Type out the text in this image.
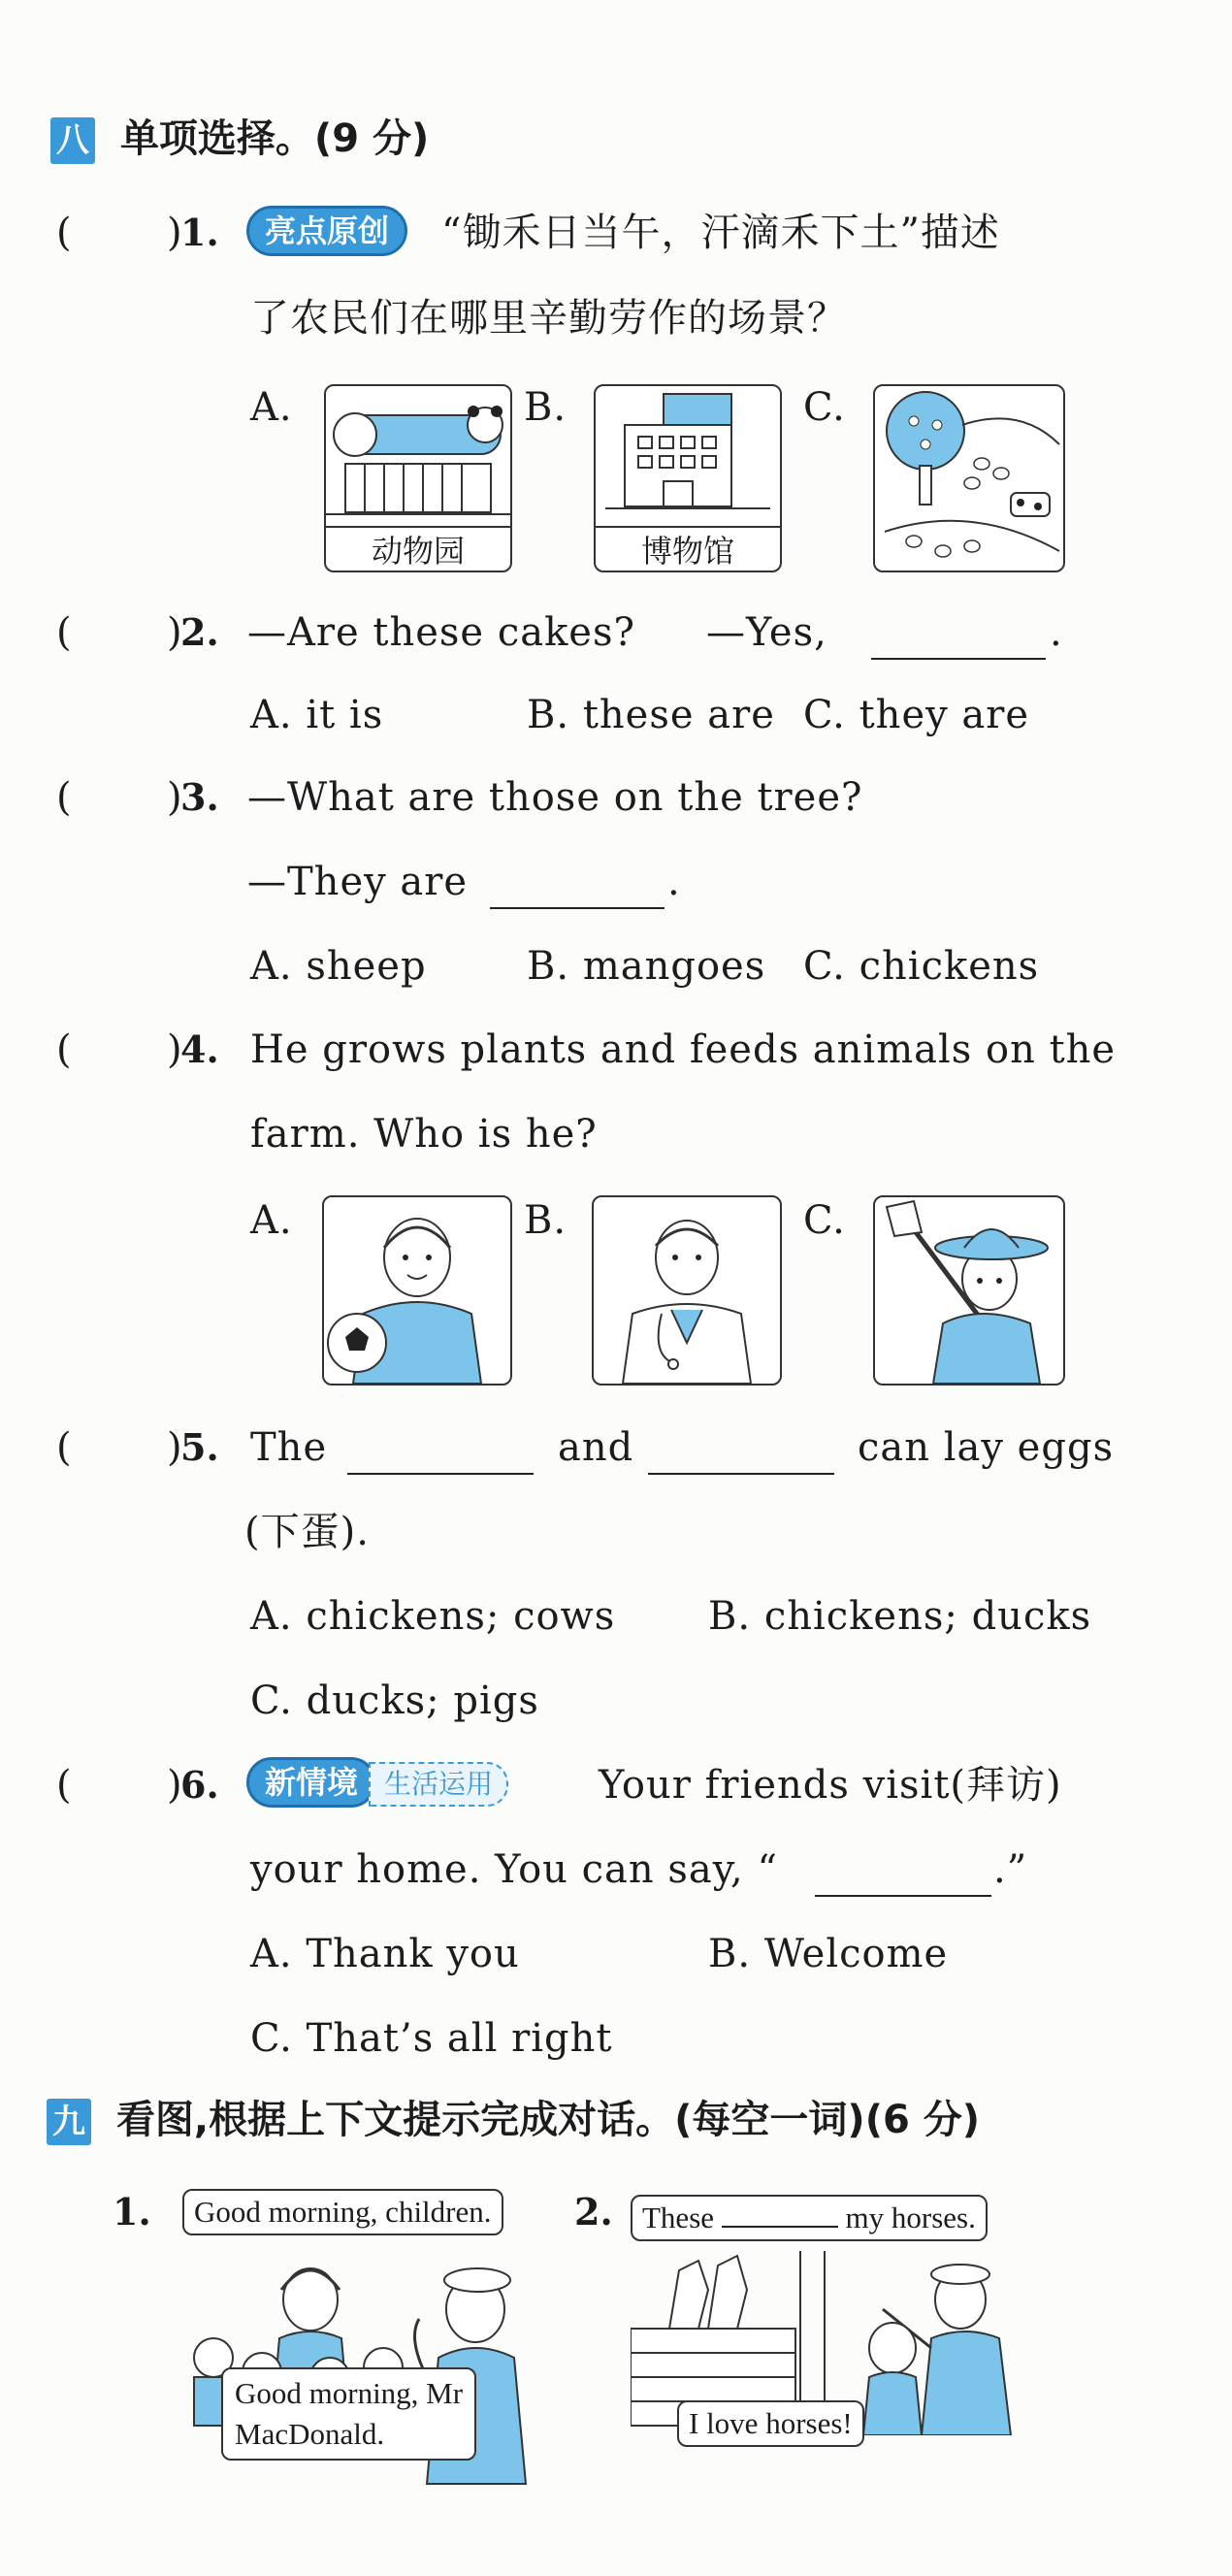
八 单项选择。(9 分)
( )
1.	亮点原创	“锄禾日当午，汗滴禾下土”描述
了农民们在哪里辛勤劳作的场景？
A.
动物园
B.
博物馆
C.
( )
2. —Are these cakes? —Yes,	.
A. it is	B. these are C. they are
( )
3. —What are those on the tree?
—They are	.
A. sheep	B. mangoes C. chickens
( )
4. He grows plants and feeds animals on the
farm. Who is he?
A.	B.	C.
( )
5. The	and	can lay eggs
(下蛋).
A. chickens; cows B. chickens; ducks
C. ducks; pigs
( )
6.	新情境 生活运用	Your friends visit(拜访)
your home. You can say, “	.”
A. Thank you	B. Welcome
C. That’s all right
九 看图,根据上下文提示完成对话。(每空一词)(6 分)
1.	Good morning, children.
Good morning, Mr
MacDonald.
2. These	my horses.
I love horses!
